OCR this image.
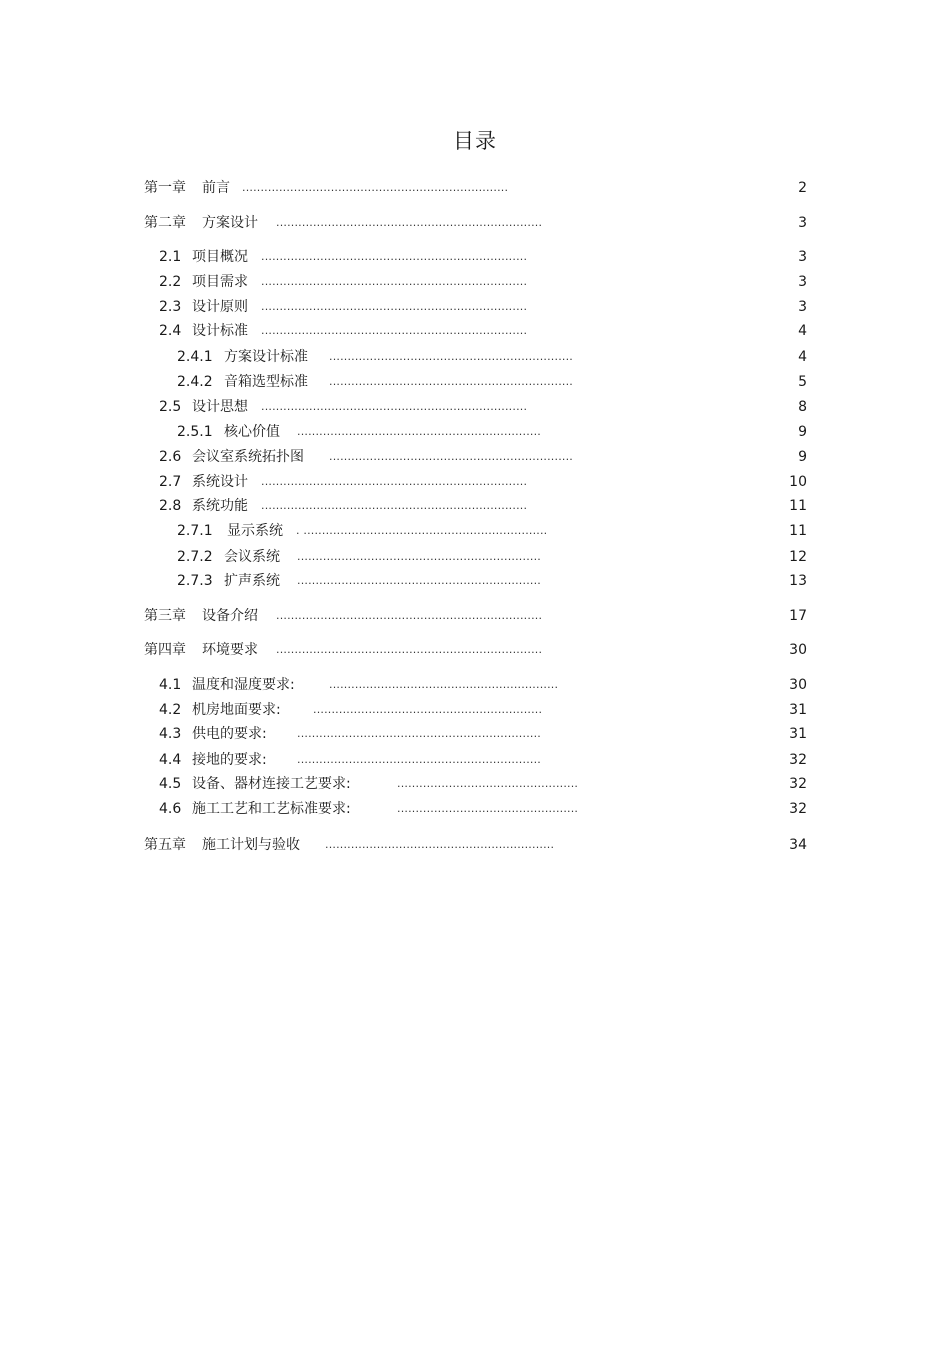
目录
第一章 前言 ........................................................................	2
第二章 方案设计 ........................................................................	3
2.1 项目概况 ........................................................................	3
2.2 项目需求 ........................................................................	3
2.3 设计原则 ........................................................................	3
2.4 设计标准 ........................................................................	4
2.4.1 方案设计标准 ..................................................................	4
2.4.2 音箱选型标准 ..................................................................	5
2.5 设计思想 ........................................................................	8
2.5.1 核心价值 ..................................................................	9
2.6 会议室系统拓扑图 ..................................................................	9
2.7 系统设计 ........................................................................	10
2.8 系统功能 ........................................................................	11
2.7.1 显示系统 . ..................................................................	11
2.7.2 会议系统 ..................................................................	12
2.7.3 扩声系统 ..................................................................	13
第三章 设备介绍 ........................................................................	17
第四章 环境要求 ........................................................................	30
4.1 温度和湿度要求:	..............................................................	30
4.2 机房地面要求:	..............................................................	31
4.3 供电的要求:	..................................................................	31
4.4 接地的要求:	..................................................................	32
4.5 设备、器材连接工艺要求:	.................................................	32
4.6 施工工艺和工艺标准要求:	.................................................	32
第五章 施工计划与验收 ..............................................................	34
